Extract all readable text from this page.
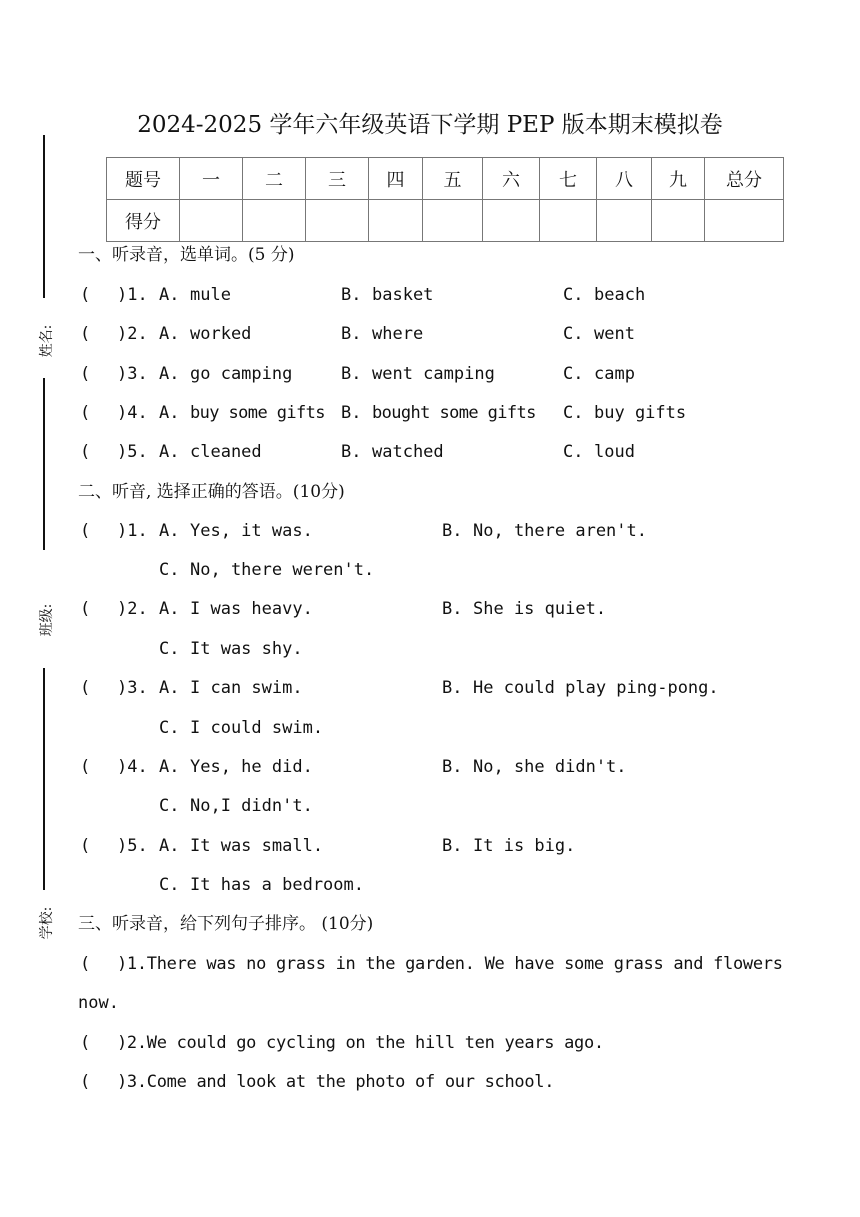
2024-2025 学年六年级英语下学期 PEP 版本期末模拟卷
姓名:
班级:
学校:
题号	一	二	三	四	五	六	七	八	九	总分
得分										
一、听录音，选单词。(5 分)
( )1. A. mule	B. basket	C. beach
( )2. A. worked	B. where	C. went
( )3. A. go camping	B. went camping	C. camp
( )4. A. buy some gifts B. bought some gifts C. buy gifts
( )5. A. cleaned	B. watched	C. loud
二、听音, 选择正确的答语。(10分)
( )1. A. Yes, it was.	B. No, there aren't.
C. No, there weren't.
( )2. A. I was heavy.	B. She is quiet.
C. It was shy.
( )3. A. I can swim.	B. He could play ping-pong.
C. I could swim.
( )4. A. Yes, he did.	B. No, she didn't.
C. No,I didn't.
( )5. A. It was small.	B. It is big.
C. It has a bedroom.
三、听录音，给下列句子排序。 (10分)
( )1.There was no grass in the garden. We have some grass and flowers
now.
( )2.We could go cycling on the hill ten years ago.
( )3.Come and look at the photo of our school.
